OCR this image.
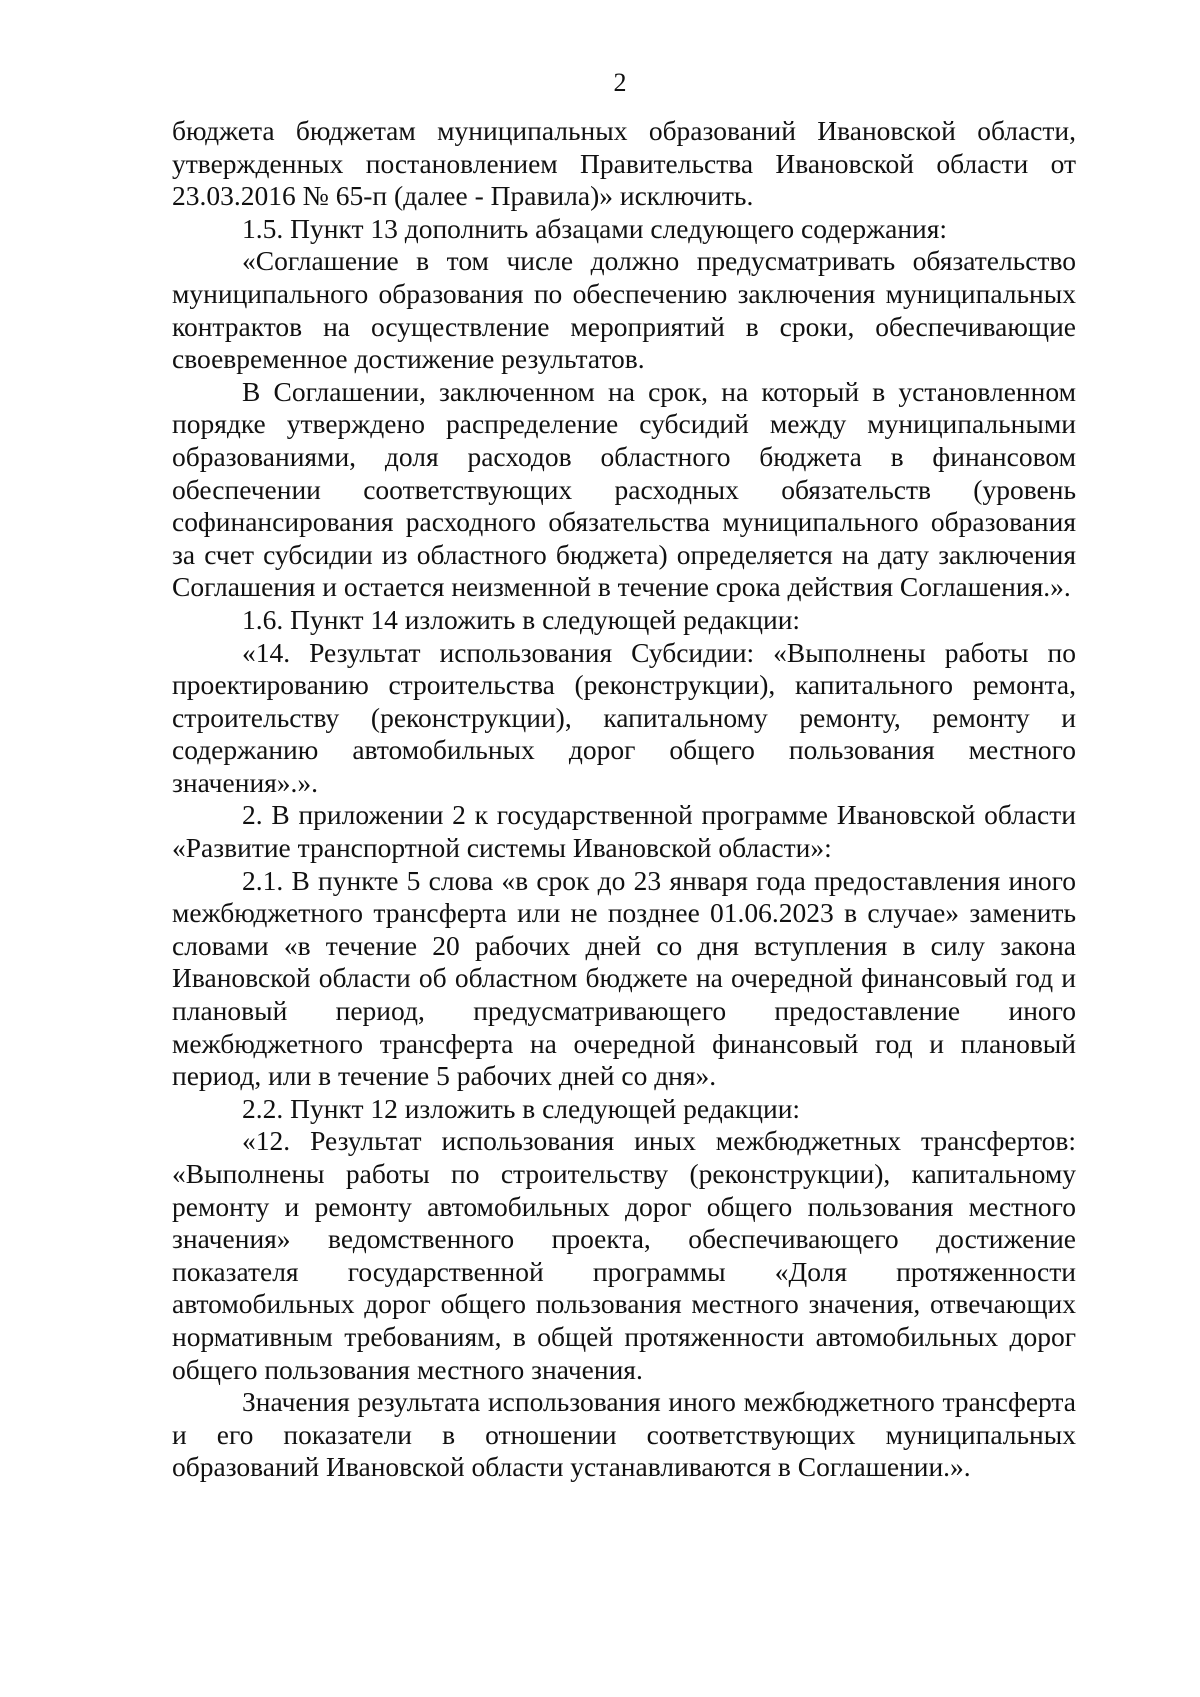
2

бюджета бюджетам муниципальных образований Ивановской области, утвержденных постановлением Правительства Ивановской области от 23.03.2016 № 65-п (далее - Правила)» исключить.

1.5. Пункт 13 дополнить абзацами следующего содержания:

«Соглашение в том числе должно предусматривать обязательство муниципального образования по обеспечению заключения муниципальных контрактов на осуществление мероприятий в сроки, обеспечивающие своевременное достижение результатов.

В Соглашении, заключенном на срок, на который в установленном порядке утверждено распределение субсидий между муниципальными образованиями, доля расходов областного бюджета в финансовом обеспечении соответствующих расходных обязательств (уровень софинансирования расходного обязательства муниципального образования за счет субсидии из областного бюджета) определяется на дату заключения Соглашения и остается неизменной в течение срока действия Соглашения.».

1.6. Пункт 14 изложить в следующей редакции:

«14. Результат использования Субсидии: «Выполнены работы по проектированию строительства (реконструкции), капитального ремонта, строительству (реконструкции), капитальному ремонту, ремонту и содержанию автомобильных дорог общего пользования местного значения».».

2. В приложении 2 к государственной программе Ивановской области «Развитие транспортной системы Ивановской области»:

2.1. В пункте 5 слова «в срок до 23 января года предоставления иного межбюджетного трансферта или не позднее 01.06.2023 в случае» заменить словами «в течение 20 рабочих дней со дня вступления в силу закона Ивановской области об областном бюджете на очередной финансовый год и плановый период, предусматривающего предоставление иного межбюджетного трансферта на очередной финансовый год и плановый период, или в течение 5 рабочих дней со дня».

2.2. Пункт 12 изложить в следующей редакции:

«12. Результат использования иных межбюджетных трансфертов: «Выполнены работы по строительству (реконструкции), капитальному ремонту и ремонту автомобильных дорог общего пользования местного значения» ведомственного проекта, обеспечивающего достижение показателя государственной программы «Доля протяженности автомобильных дорог общего пользования местного значения, отвечающих нормативным требованиям, в общей протяженности автомобильных дорог общего пользования местного значения.

Значения результата использования иного межбюджетного трансферта и его показатели в отношении соответствующих муниципальных образований Ивановской области устанавливаются в Соглашении.».
